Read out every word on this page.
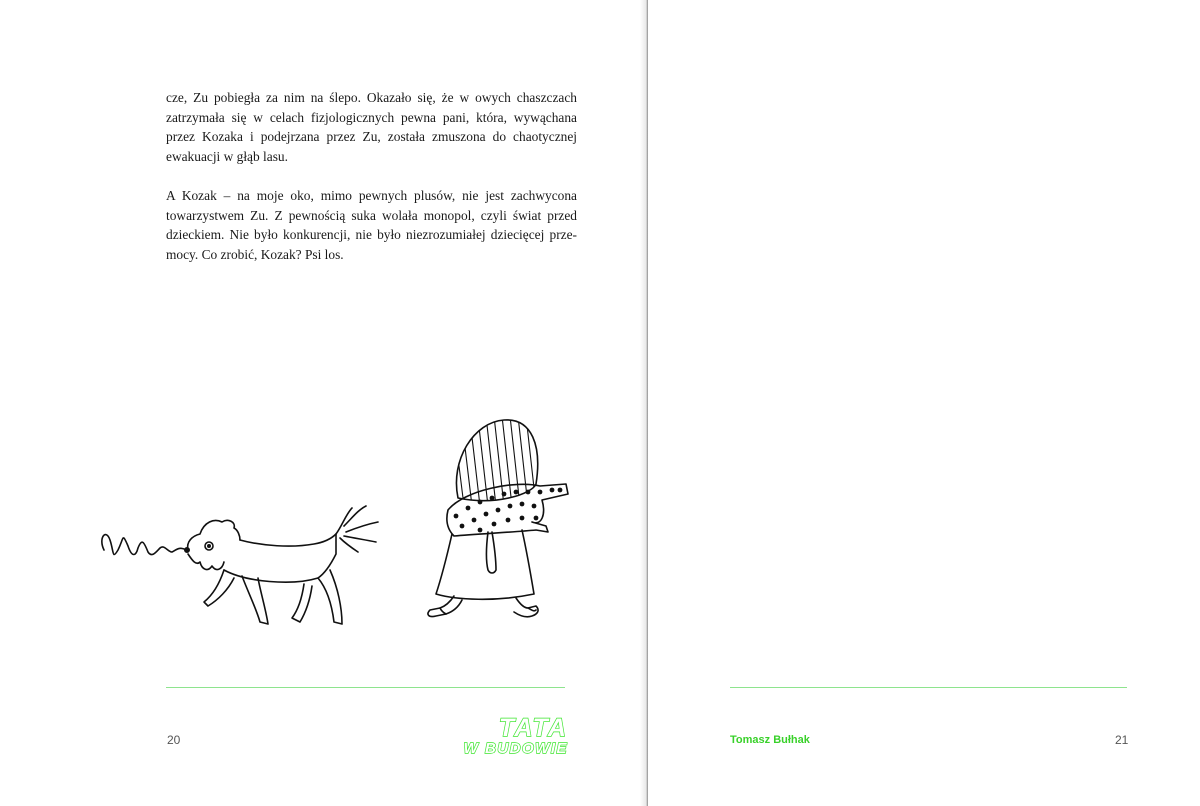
cze, Zu pobiegła za nim na ślepo. Okazało się, że w owych chaszczach
zatrzymała się w celach fizjologicznych pewna pani, która, wywąchana
przez Kozaka i podejrzana przez Zu, została zmuszona do chaotycznej
ewakuacji w głąb lasu.

A Kozak – na moje oko, mimo pewnych plusów, nie jest zachwycona
towarzystwem Zu. Z pewnością suka wolała monopol, czyli świat przed
dzieckiem. Nie było konkurencji, nie było niezrozumiałej dziecięcej prze-
mocy. Co zrobić, Kozak? Psi los.

20	TATA
W BUDOWIE	Tomasz Bułhak	21
